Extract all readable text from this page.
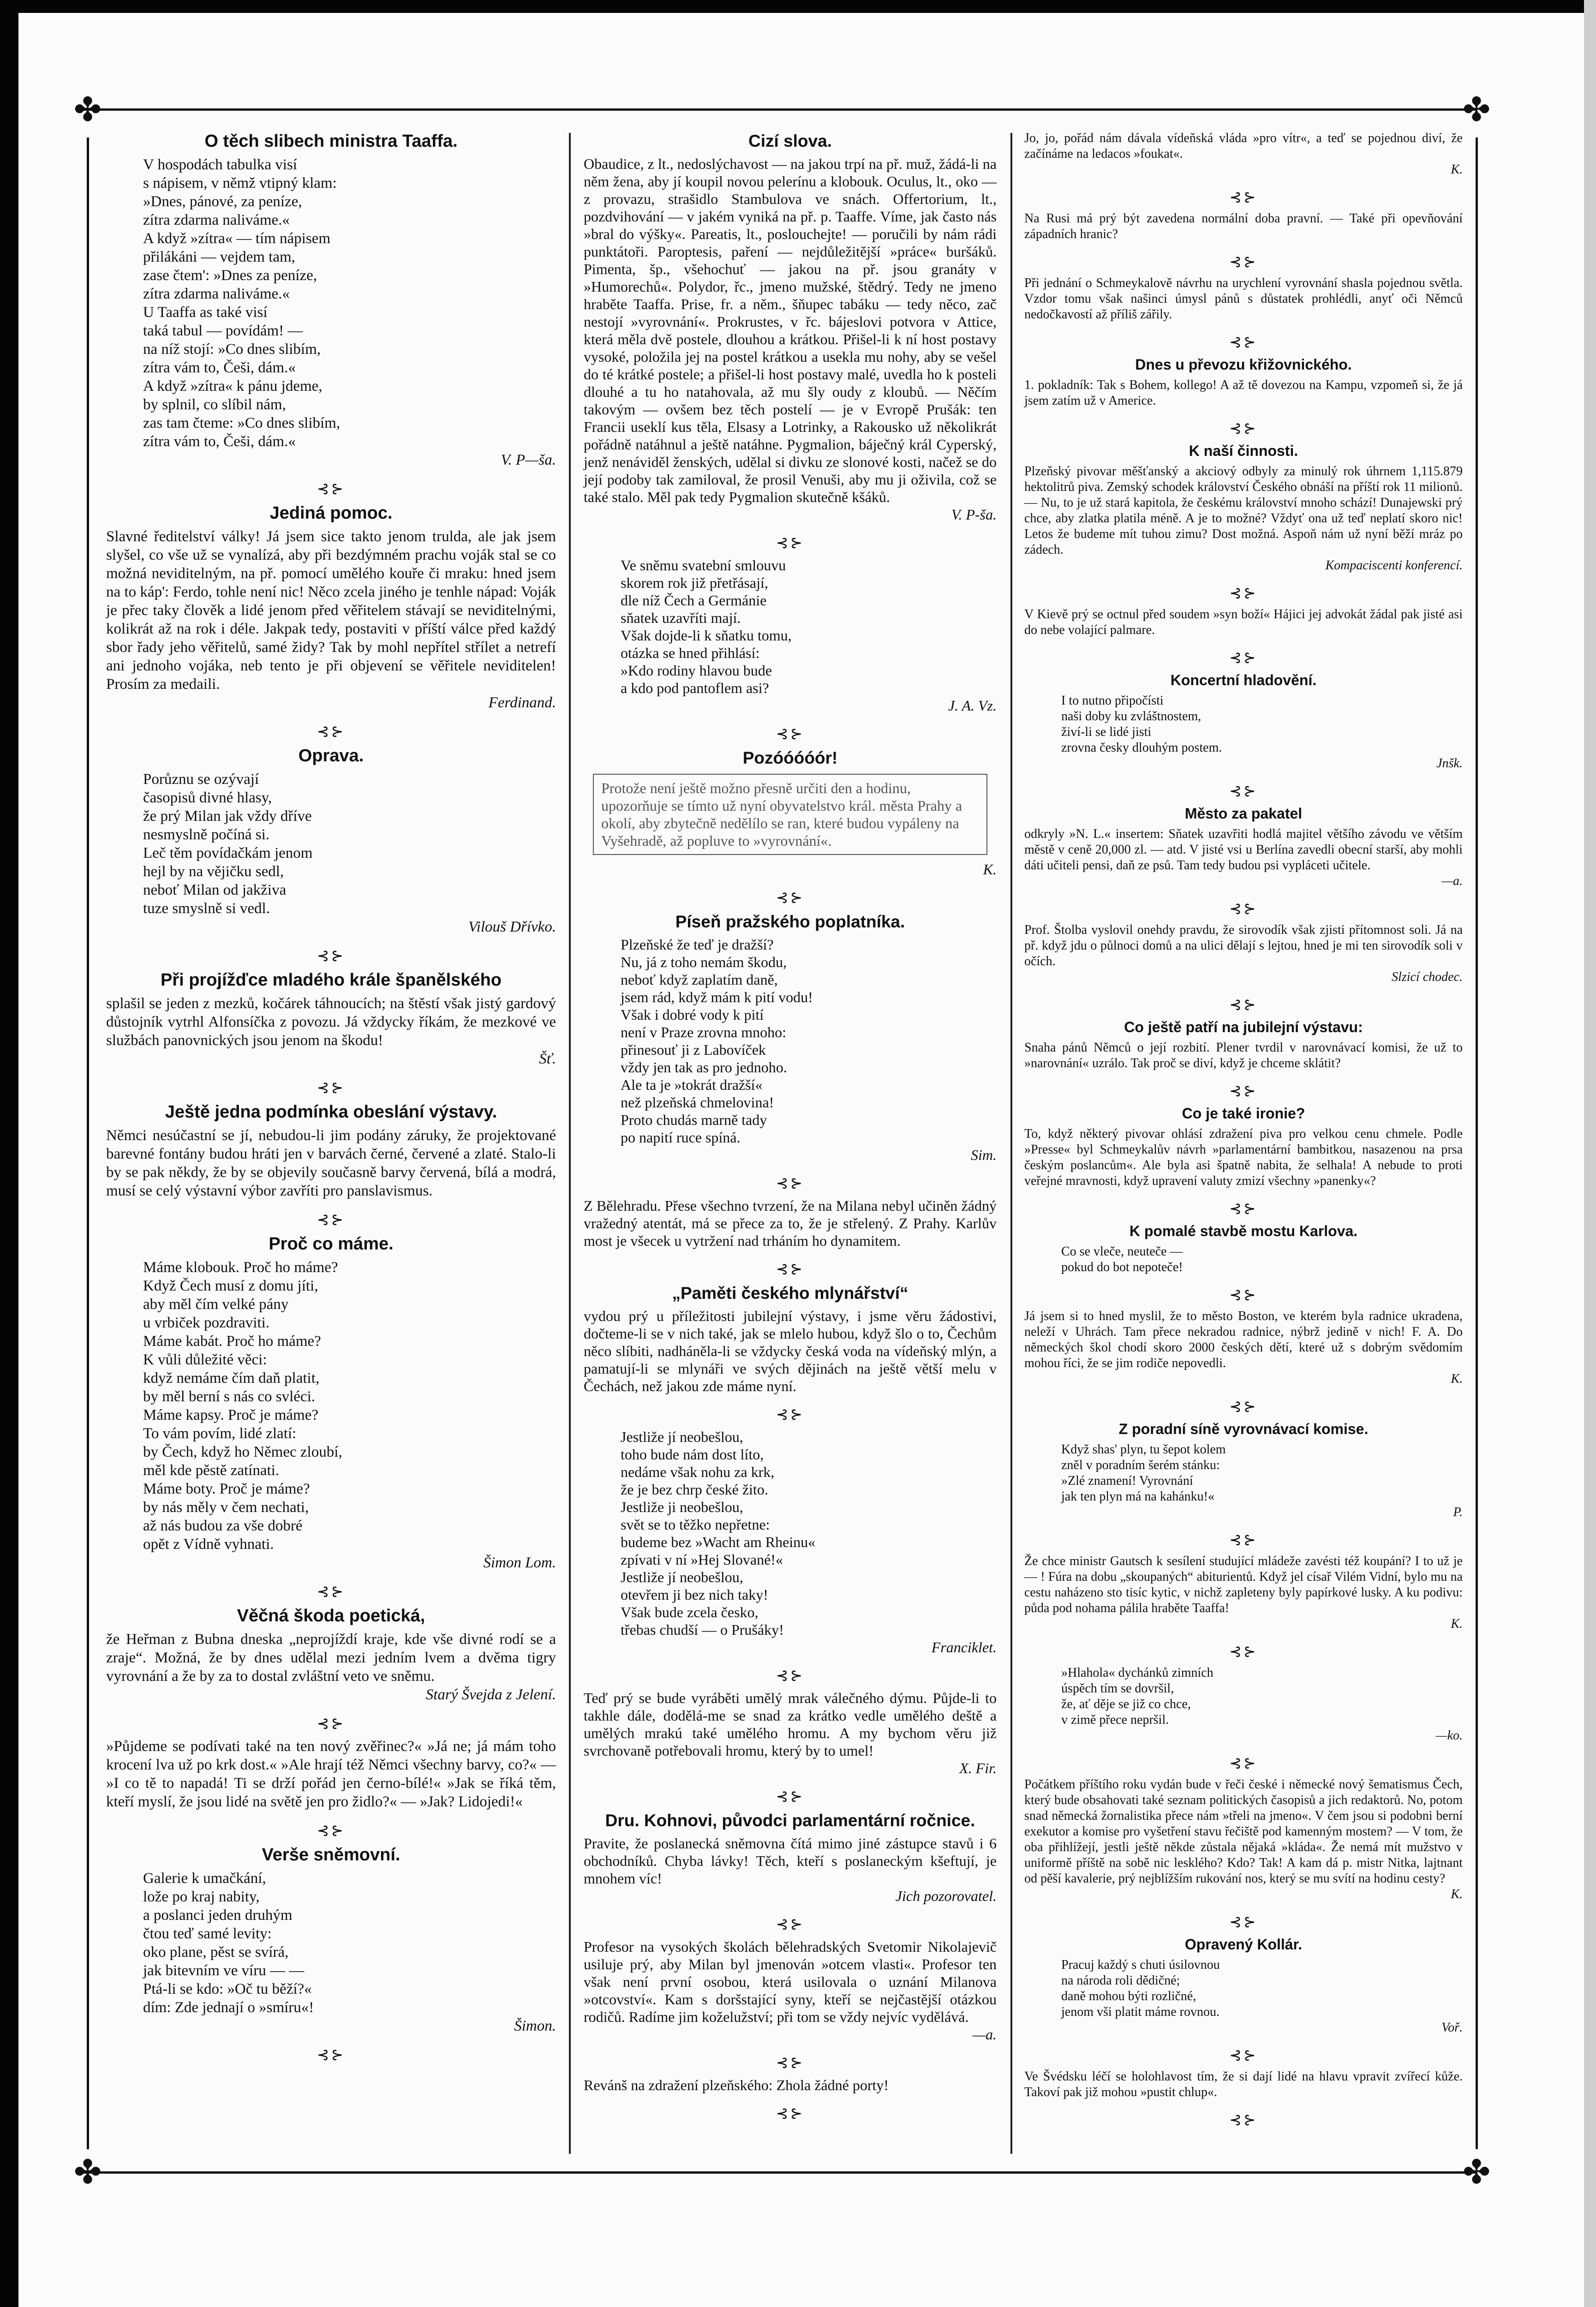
✤	✤
✤	✤
O těch slibech ministra Taaffa.
V hospodách tabulka visí
s nápisem, v němž vtipný klam:
»Dnes, pánové, za peníze,
zítra zdarma naliváme.«
A když »zítra« — tím nápisem
přilákáni — vejdem tam,
zase čtem': »Dnes za peníze,
zítra zdarma naliváme.«
U Taaffa as také visí
taká tabul — povídám! —
na níž stojí: »Co dnes slibím,
zítra vám to, Češi, dám.«
A když »zítra« k pánu jdeme,
by splnil, co slíbil nám,
zas tam čteme: »Co dnes slibím,
zítra vám to, Češi, dám.«

V. P—ša.

⊰⊱
Jediná pomoc.

Slavné ředitelství války! Já jsem sice takto jenom trulda, ale jak jsem slyšel, co vše už se vynalízá, aby při bezdýmném prachu voják stal se co možná neviditelným, na př. pomocí umělého kouře či mraku: hned jsem na to káp': Ferdo, tohle není nic! Něco zcela jiného je tenhle nápad: Voják je přec taky člověk a lidé jenom před věřitelem stávají se neviditelnými, kolikrát až na rok i déle. Jakpak tedy, postaviti v příští válce před každý sbor řady jeho věřitelů, samé židy? Tak by mohl nepřítel střílet a netrefí ani jednoho vojáka, neb tento je při objevení se věřitele neviditelen! Prosím za medaili.

Ferdinand.

⊰⊱
Oprava.
Porůznu se ozývají
časopisů divné hlasy,
že prý Milan jak vždy dříve
nesmyslně počíná si.
Leč těm povídačkám jenom
hejl by na vějičku sedl,
neboť Milan od jakživa
tuze smyslně si vedl.

Vilouš Dřívko.

⊰⊱
Při projížďce mladého krále španělského

splašil se jeden z mezků, kočárek táhnoucích; na štěstí však jistý gardový důstojník vytrhl Alfonsíčka z povozu. Já vždycky říkám, že mezkové ve službách panovnických jsou jenom na škodu!

Šť.

⊰⊱
Ještě jedna podmínka obeslání výstavy.

Němci nesúčastní se jí, nebudou-li jim podány záruky, že projektované barevné fontány budou hráti jen v barvách černé, červené a zlaté. Stalo-li by se pak někdy, že by se objevily současně barvy červená, bílá a modrá, musí se celý výstavní výbor zavříti pro panslavismus.

⊰⊱
Proč co máme.
Máme klobouk. Proč ho máme?
Když Čech musí z domu jíti,
aby měl čím velké pány
u vrbiček pozdraviti.
Máme kabát. Proč ho máme?
K vůli důležité věci:
když nemáme čím daň platit,
by měl berní s nás co svléci.
Máme kapsy. Proč je máme?
To vám povím, lidé zlatí:
by Čech, když ho Němec zloubí,
měl kde pěstě zatínati.
Máme boty. Proč je máme?
by nás měly v čem nechati,
až nás budou za vše dobré
opět z Vídně vyhnati.

Šimon Lom.

⊰⊱
Věčná škoda poetická,

že Heřman z Bubna dneska „neprojíždí kraje, kde vše divné rodí se a zraje“. Možná, že by dnes udělal mezi jedním lvem a dvěma tigry vyrovnání a že by za to dostal zvláštní veto ve sněmu.

Starý Švejda z Jelení.

⊰⊱

»Půjdeme se podívati také na ten nový zvěřinec?« »Já ne; já mám toho krocení lva už po krk dost.« »Ale hrají též Němci všechny barvy, co?« — »I co tě to napadá! Ti se drží pořád jen černo-bílé!« »Jak se říká těm, kteří myslí, že jsou lidé na světě jen pro židlo?« — »Jak? Lidojedi!«

⊰⊱
Verše sněmovní.
Galerie k umačkání,
lože po kraj nabity,
a poslanci jeden druhým
čtou teď samé levity:
oko plane, pěst se svírá,
jak bitevním ve víru — —
Ptá-li se kdo: »Oč tu běží?«
dím: Zde jednají o »smíru«!

Šimon.

⊰⊱
Cizí slova.

Obaudice, z lt., nedoslýchavost — na jakou trpí na př. muž, žádá-li na něm žena, aby jí koupil novou pelerínu a klobouk. Oculus, lt., oko — z provazu, strašidlo Stambulova ve snách. Offertorium, lt., pozdvihování — v jakém vyniká na př. p. Taaffe. Víme, jak často nás »bral do výšky«. Pareatis, lt., poslouchejte! — poručili by nám rádi punktátoři. Paroptesis, paření — nejdůležitější »práce« buršáků. Pimenta, šp., všehochuť — jakou na př. jsou granáty v »Humorechů«. Polydor, řc., jmeno mužské, štědrý. Tedy ne jmeno hraběte Taaffa. Prise, fr. a něm., šňupec tabáku — tedy něco, zač nestojí »vyrovnání«. Prokrustes, v řc. bájeslovi potvora v Attice, která měla dvě postele, dlouhou a krátkou. Přišel-li k ní host postavy vysoké, položila jej na postel krátkou a usekla mu nohy, aby se vešel do té krátké postele; a přišel-li host postavy malé, uvedla ho k posteli dlouhé a tu ho natahovala, až mu šly oudy z kloubů. — Něčím takovým — ovšem bez těch postelí — je v Evropě Prušák: ten Francii useklí kus těla, Elsasy a Lotrinky, a Rakousko už několikrát pořádně natáhnul a ještě natáhne. Pygmalion, báječný král Cyperský, jenž nenáviděl ženských, udělal si divku ze slonové kosti, načež se do její podoby tak zamiloval, že prosil Venuši, aby mu ji oživila, což se také stalo. Měl pak tedy Pygmalion skutečně kšáků.

V. P-ša.

⊰⊱
Ve sněmu svatební smlouvu
skorem rok již přetřásají,
dle níž Čech a Germánie
sňatek uzavříti mají.
Však dojde-li k sňatku tomu,
otázka se hned přihlásí:
»Kdo rodiny hlavou bude
a kdo pod pantoflem asi?

J. A. Vz.

⊰⊱
Pozóóóóór!
Protože není ještě možno přesně určiti den a hodinu, upozorňuje se tímto už nyní obyvatelstvo král. města Prahy a okolí, aby zbytečně nedělílo se ran, které budou vypáleny na Vyšehradě, až popluve to »vyrovnání«.

K.

⊰⊱
Píseň pražského poplatníka.
Plzeňské že teď je dražší?
Nu, já z toho nemám škodu,
neboť když zaplatím daně,
jsem rád, když mám k pití vodu!
Však i dobré vody k pití
není v Praze zrovna mnoho:
přinesouť ji z Labovíček
vždy jen tak as pro jednoho.
Ale ta je »tokrát dražší«
než plzeňská chmelovina!
Proto chudás marně tady
po napití ruce spíná.

Sim.

⊰⊱

Z Bělehradu. Přese všechno tvrzení, že na Milana nebyl učiněn žádný vražedný atentát, má se přece za to, že je střelený. Z Prahy. Karlův most je všecek u vytržení nad trháním ho dynamitem.

⊰⊱
„Paměti českého mlynářství“

vydou prý u příležitosti jubilejní výstavy, i jsme věru žádostivi, dočteme-li se v nich také, jak se mlelo hubou, když šlo o to, Čechům něco slíbiti, nadháněla-li se vždycky česká voda na vídeňský mlýn, a pamatují-li se mlynáři ve svých dějinách na ještě větší melu v Čechách, než jakou zde máme nyní.

⊰⊱
Jestliže jí neobešlou,
toho bude nám dost líto,
nedáme však nohu za krk,
že je bez chrp české žito.
Jestliže ji neobešlou,
svět se to těžko nepřetne:
budeme bez »Wacht am Rheinu«
zpívati v ní »Hej Slované!«
Jestliže jí neobešlou,
otevřem ji bez nich taky!
Však bude zcela česko,
třebas chudší — o Prušáky!

Franciklet.

⊰⊱

Teď prý se bude vyráběti umělý mrak válečného dýmu. Půjde-li to takhle dále, dodělá-me se snad za krátko vedle umělého deště a umělých mrakú také umělého hromu. A my bychom věru již svrchovaně potřebovali hromu, který by to umel!

X. Fir.

⊰⊱
Dru. Kohnovi, původci parlamentární ročnice.

Pravite, že poslanecká sněmovna čítá mimo jiné zástupce stavů i 6 obchodníků. Chyba lávky! Těch, kteří s poslaneckým kšeftují, je mnohem víc!

Jich pozorovatel.

⊰⊱

Profesor na vysokých školách bělehradských Svetomir Nikolajevič usiluje prý, aby Milan byl jmenován »otcem vlasti«. Profesor ten však není první osobou, která usilovala o uznání Milanova »otcovství«. Kam s doršstající syny, kteří se nejčastější otázkou rodičů. Radíme jim koželužství; při tom se vždy nejvíc vydělává.

—a.

⊰⊱

Revánš na zdražení plzeňského: Zhola žádné porty!

⊰⊱

Jo, jo, pořád nám dávala vídeňská vláda »pro vítr«, a teď se pojednou diví, že začínáme na ledacos »foukat«.

K.

⊰⊱

Na Rusi má prý být zavedena normální doba pravní. — Také při opevňování západních hranic?

⊰⊱

Při jednání o Schmeykalově návrhu na urychlení vyrovnání shasla pojednou světla. Vzdor tomu však našinci úmysl pánů s důstatek prohlédli, anyť oči Němců nedočkavostí až příliš zářily.

⊰⊱
Dnes u převozu křižovnického.

1. pokladník: Tak s Bohem, kollego! A až tě dovezou na Kampu, vzpomeň si, že já jsem zatím už v Americe.

⊰⊱
K naší činnosti.

Plzeňský pivovar měšťanský a akciový odbyly za minulý rok úhrnem 1,115.879 hektolitrů piva. Zemský schodek království Českého obnáší na příští rok 11 milionů. — Nu, to je už stará kapitola, že českému království mnoho schází! Dunajewski prý chce, aby zlatka platila méně. A je to možné? Vždyť ona už teď neplatí skoro nic! Letos že budeme mít tuhou zimu? Dost možná. Aspoň nám už nyní běží mráz po zádech.

Kompaciscenti konferencí.

⊰⊱

V Kievě prý se octnul před soudem »syn boží« Hájici jej advokát žádal pak jisté asi do nebe volající palmare.

⊰⊱
Koncertní hladovění.
I to nutno připočísti
naši doby ku zvláštnostem,
živí-li se lidé jisti
zrovna česky dlouhým postem.

Jnšk.

⊰⊱
Město za pakatel

odkryly »N. L.« insertem: Sňatek uzavřiti hodlá majitel většího závodu ve větším městě v ceně 20,000 zl. — atd. V jisté vsi u Berlína zavedli obecní starší, aby mohli dáti učiteli pensi, daň ze psů. Tam tedy budou psi vypláceti učitele.

—a.

⊰⊱

Prof. Štolba vyslovil onehdy pravdu, že sirovodík však zjisti přítomnost soli. Já na př. když jdu o půlnoci domů a na ulici dělají s lejtou, hned je mi ten sirovodík soli v očích.

Slzicí chodec.

⊰⊱
Co ještě patří na jubilejní výstavu:

Snaha pánů Němců o její rozbití. Plener tvrdil v narovnávací komisi, že už to »narovnání« uzrálo. Tak proč se diví, když je chceme sklátit?

⊰⊱
Co je také ironie?

To, když některý pivovar ohlásí zdražení piva pro velkou cenu chmele. Podle »Presse« byl Schmeykalův návrh »parlamentární bambitkou, nasazenou na prsa českým poslancům«. Ale byla asi špatně nabita, že selhala! A nebude to proti veřejné mravnosti, když upravení valuty zmizí všechny »panenky«?

⊰⊱
K pomalé stavbě mostu Karlova.
Co se vleče, neuteče —
pokud do bot nepoteče!
⊰⊱

Já jsem si to hned myslil, že to město Boston, ve kterém byla radnice ukradena, neleží v Uhrách. Tam přece nekradou radnice, nýbrž jedině v nich! F. A. Do německých škol chodí skoro 2000 českých dětí, které už s dobrým svědomím mohou říci, že se jim rodiče nepovedli.

K.

⊰⊱
Z poradní síně vyrovnávací komise.
Když shas' plyn, tu šepot kolem
zněl v poradním šerém stánku:
»Zlé znamení! Vyrovnání
jak ten plyn má na kahánku!«

P.

⊰⊱

Že chce ministr Gautsch k sesílení studující mládeže zavésti též koupání? I to už je — ! Fúra na dobu „skoupaných“ abiturientů. Když jel císař Vilém Vidní, bylo mu na cestu naházeno sto tisíc kytic, v nichž zapleteny byly papírkové lusky. A ku podivu: půda pod nohama pálila hraběte Taaffa!

K.

⊰⊱
»Hlahola« dychánků zimních
úspěch tím se dovršil,
že, ať děje se již co chce,
v zimě přece nepršil.

—ko.

⊰⊱

Počátkem příštího roku vydán bude v řeči české i německé nový šematismus Čech, který bude obsahovati také seznam politických časopisů a jich redaktorů. No, potom snad německá žornalistika přece nám »třeli na jmeno«. V čem jsou si podobni berní exekutor a komise pro vyšetření stavu řečiště pod kamenným mostem? — V tom, že oba přihlížejí, jestli ještě někde zůstala nějaká »kláda«. Že nemá mít mužstvo v uniformě příště na sobě nic lesklého? Kdo? Tak! A kam dá p. mistr Nitka, lajtnant od pěší kavalerie, prý nejblížším rukování nos, který se mu svítí na hodinu cesty?

K.

⊰⊱
Opravený Kollár.
Pracuj každý s chuti úsilovnou
na národa roli dědičné;
daně mohou býti rozličné,
jenom vši platit máme rovnou.

Voř.

⊰⊱

Ve Švédsku léčí se holohlavost tím, že si dají lidé na hlavu vpravit zvířecí kůže. Takoví pak již mohou »pustit chlup«.

⊰⊱
